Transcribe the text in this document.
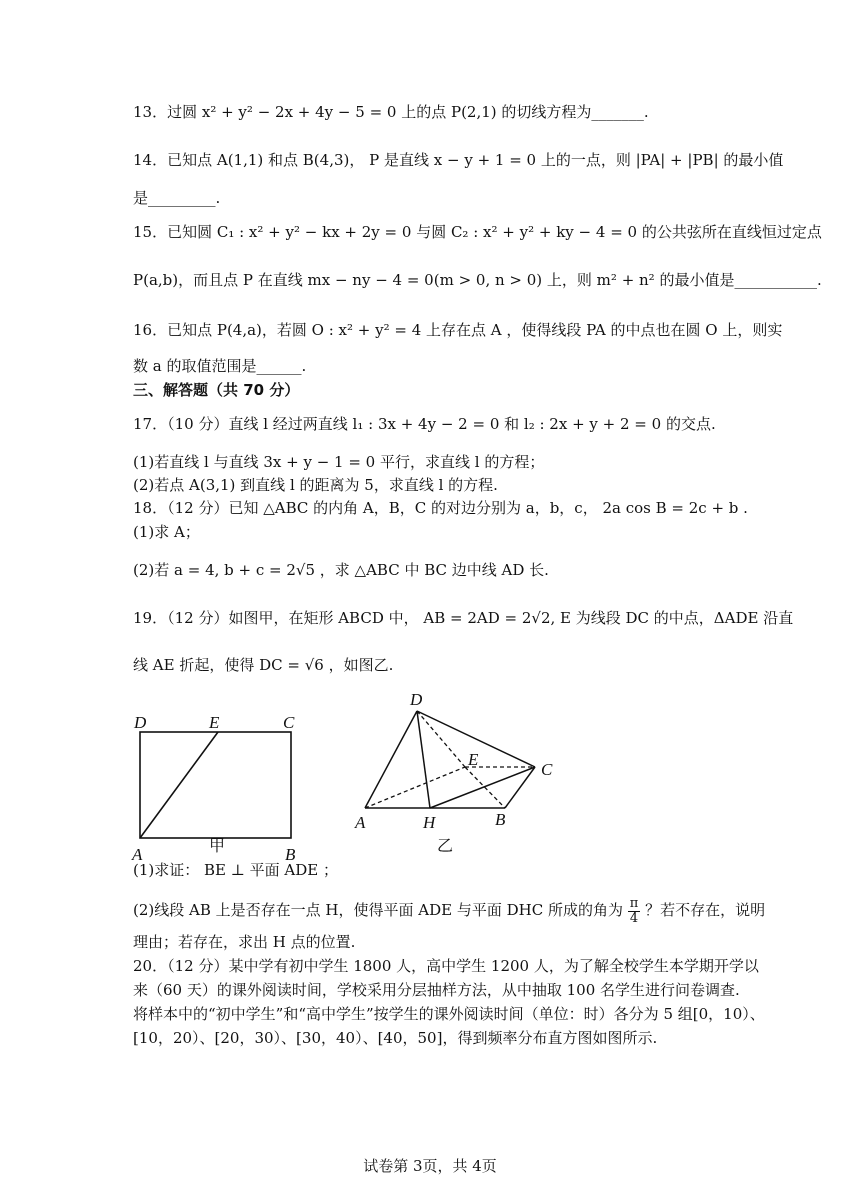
13．过圆 x² + y² − 2x + 4y − 5 = 0 上的点 P(2,1) 的切线方程为_______.
14．已知点 A(1,1) 和点 B(4,3)， P 是直线 x − y + 1 = 0 上的一点，则 |PA| + |PB| 的最小值
是_________.
15．已知圆 C₁ : x² + y² − kx + 2y = 0 与圆 C₂ : x² + y² + ky − 4 = 0 的公共弦所在直线恒过定点
P(a,b)，而且点 P 在直线 mx − ny − 4 = 0(m > 0, n > 0) 上，则 m² + n² 的最小值是___________.
16．已知点 P(4,a)，若圆 O : x² + y² = 4 上存在点 A ，使得线段 PA 的中点也在圆 O 上，则实
数 a 的取值范围是______.
三、解答题（共 70 分）
17．（10 分）直线 l 经过两直线 l₁ : 3x + 4y − 2 = 0 和 l₂ : 2x + y + 2 = 0 的交点.
(1)若直线 l 与直线 3x + y − 1 = 0 平行，求直线 l 的方程；
(2)若点 A(3,1) 到直线 l 的距离为 5，求直线 l 的方程.
18．（12 分）已知 △ABC 的内角 A，B，C 的对边分别为 a，b，c， 2a cos B = 2c + b .
(1)求 A；
(2)若 a = 4, b + c = 2√5 ，求 △ABC 中 BC 边中线 AD 长.
19．（12 分）如图甲，在矩形 ABCD 中， AB = 2AD = 2√2, E 为线段 DC 的中点，ΔADE 沿直
线 AE 折起，使得 DC = √6 ，如图乙.
D	E	C
A	B
甲
D
E
C
A	H	B
乙
(1)求证： BE ⊥ 平面 ADE ；
(2)线段 AB 上是否存在一点 H，使得平面 ADE 与平面 DHC 所成的角为 $\frac{\pi}{4}$ ？若不存在，说明
理由；若存在，求出 H 点的位置.
20．（12 分）某中学有初中学生 1800 人，高中学生 1200 人，为了解全校学生本学期开学以
来（60 天）的课外阅读时间，学校采用分层抽样方法，从中抽取 100 名学生进行问卷调查.
将样本中的“初中学生”和“高中学生”按学生的课外阅读时间（单位：时）各分为 5 组[0，10）、
[10，20）、[20，30）、[30，40）、[40，50]，得到频率分布直方图如图所示.
试卷第 3页，共 4页
